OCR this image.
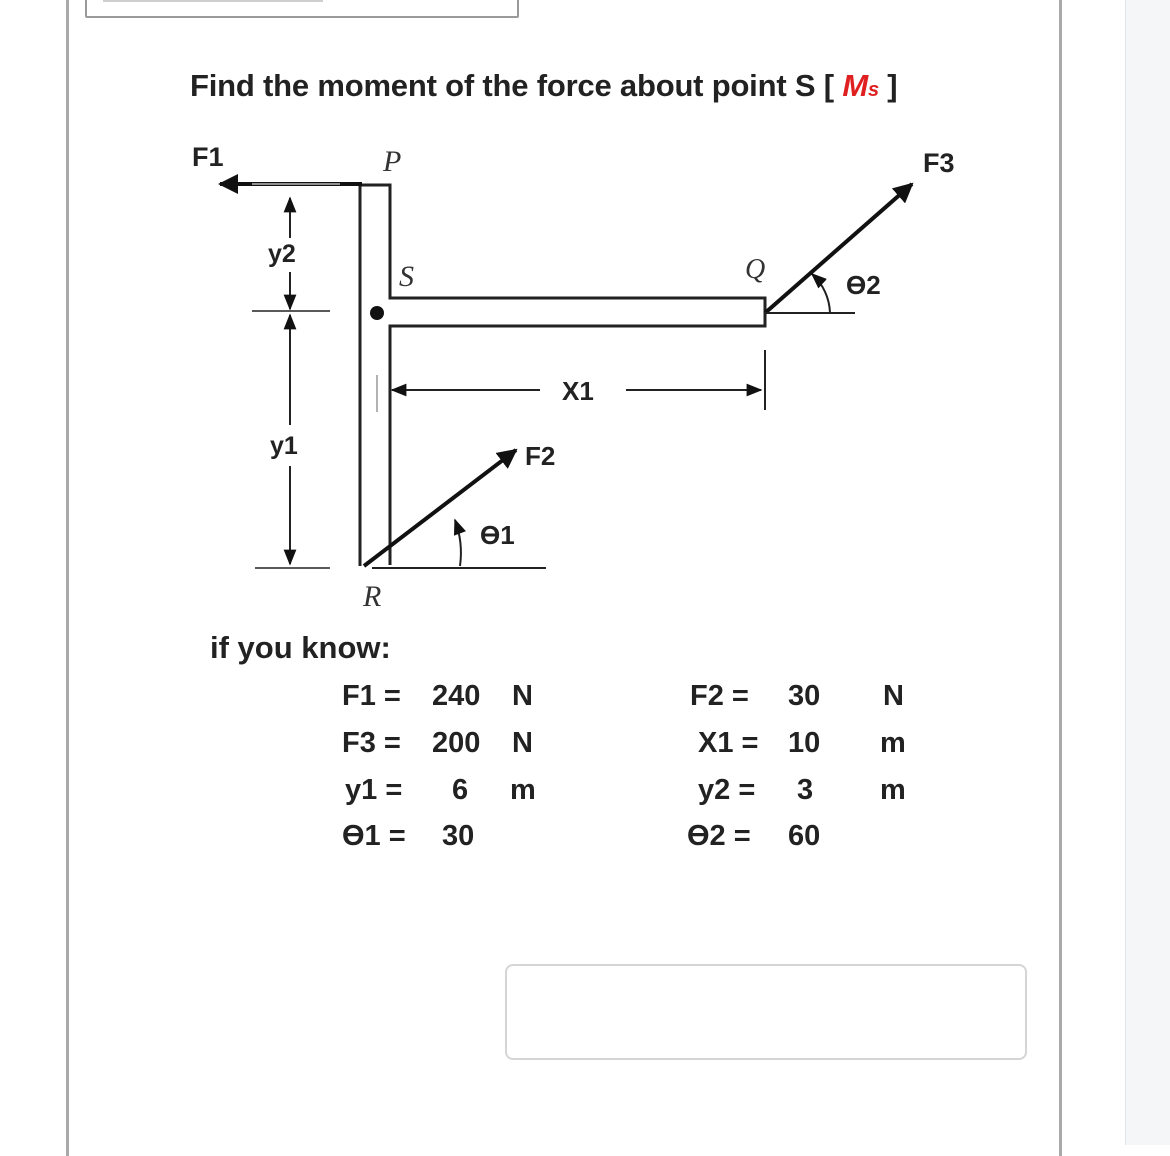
Find the moment of the force about point S [ Ms ]
F1	P	F3
y2
S	Q	ϴ2
X1
y1	F2
ϴ1
R
if you know:
F1 = 240 N
F3 = 200 N
y1 = 6 m
ϴ1 = 30
F2 = 30 N
X1 = 10 m
y2 = 3 m
ϴ2 = 60
